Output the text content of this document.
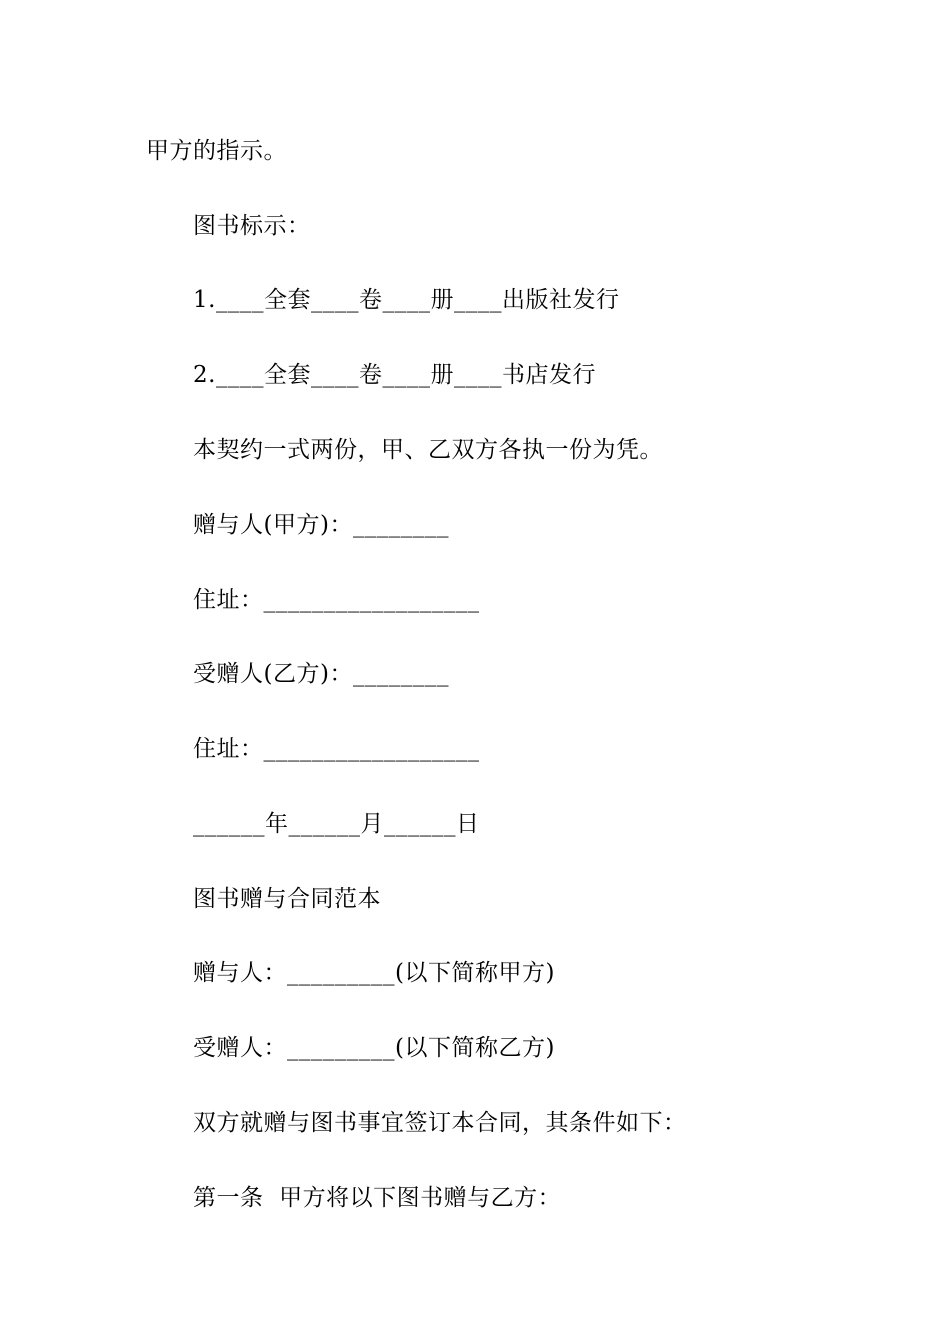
甲方的指示。
图书标示：
1.____全套____卷____册____出版社发行
2.____全套____卷____册____书店发行
本契约一式两份，甲、乙双方各执一份为凭。
赠与人(甲方)：________
住址：__________________
受赠人(乙方)：________
住址：__________________
______年______月______日
图书赠与合同范本
赠与人：_________(以下简称甲方)
受赠人：_________(以下简称乙方)
双方就赠与图书事宜签订本合同，其条件如下：
第一条  甲方将以下图书赠与乙方：
